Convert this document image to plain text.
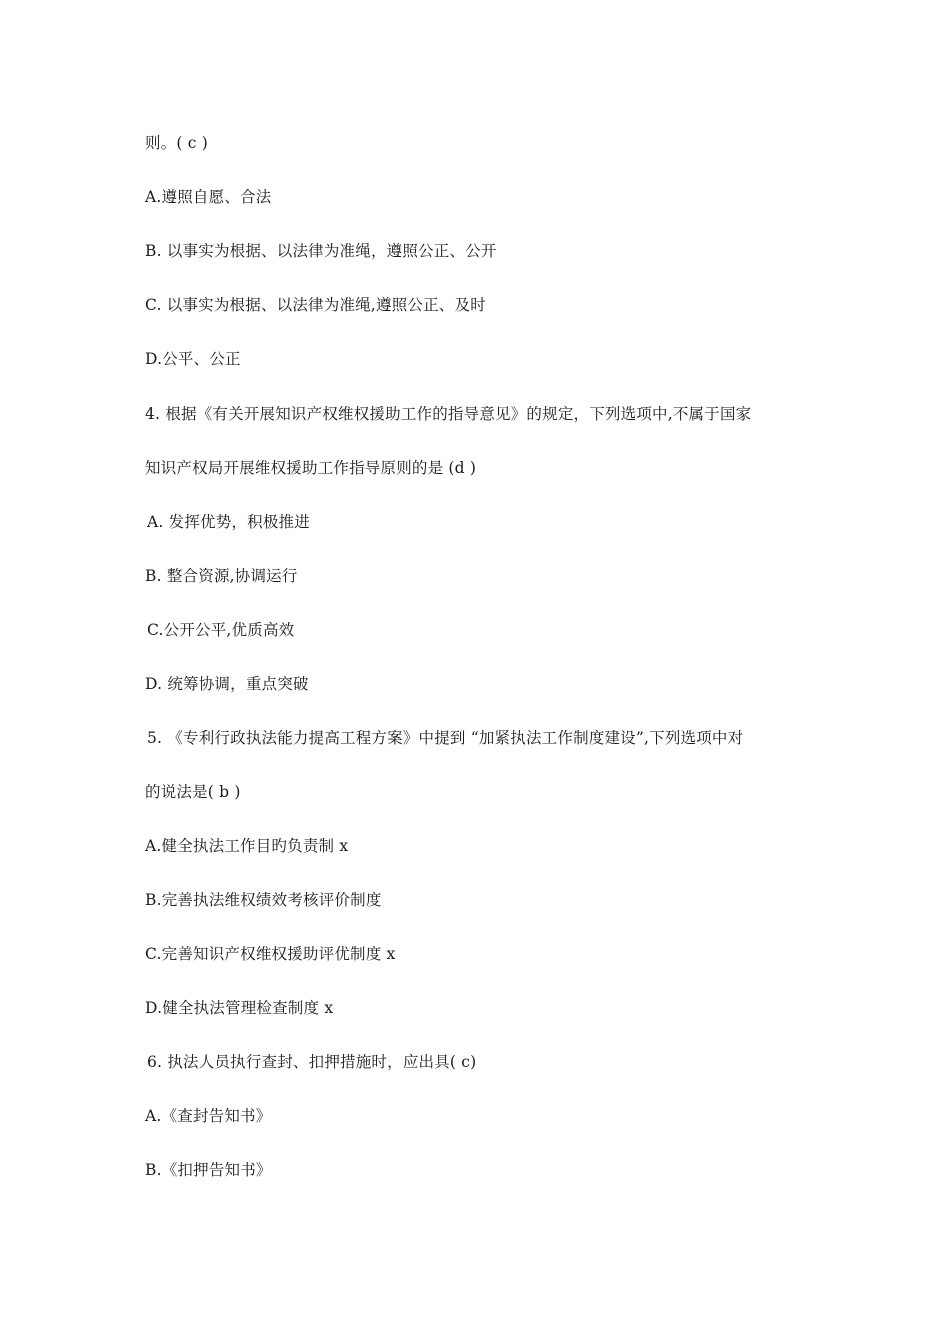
则。( c )
A.遵照自愿、合法
B. 以事实为根据、以法律为准绳，遵照公正、公开
C. 以事实为根据、以法律为准绳,遵照公正、及时
D.公平、公正
4. 根据《有关开展知识产权维权援助工作的指导意见》的规定，下列选项中,不属于国家
知识产权局开展维权援助工作指导原则的是 (d )
A. 发挥优势，积极推进
B. 整合资源,协调运行
C.公开公平,优质高效
D. 统筹协调，重点突破
5. 《专利行政执法能力提高工程方案》中提到 “加紧执法工作制度建设”,下列选项中对
的说法是( b )
A.健全执法工作目旳负责制 x
B.完善执法维权绩效考核评价制度
C.完善知识产权维权援助评优制度 x
D.健全执法管理检查制度 x
6. 执法人员执行查封、扣押措施时，应出具( c)
A.《查封告知书》
B.《扣押告知书》
